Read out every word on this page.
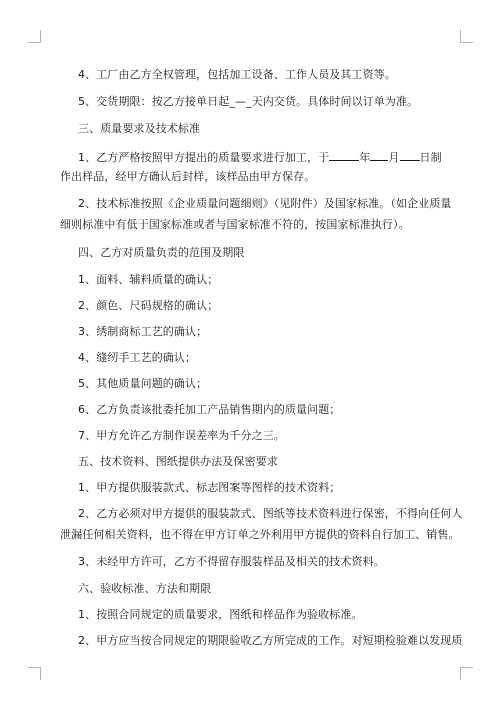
4、工厂由乙方全权管理，包括加工设备、工作人员及其工资等。
5、交货期限：按乙方接单日起_—_天内交货。具体时间以订单为准。
三、质量要求及技术标准
1、乙方严格按照甲方提出的质量要求进行加工，于	年 月 日制
作出样品，经甲方确认后封样，该样品由甲方保存。
2、技术标准按照《企业质量问题细则》（见附件）及国家标准。（如企业质量
细则标准中有低于国家标准或者与国家标准不符的，按国家标准执行）。
四、乙方对质量负责的范围及期限
1、面料、辅料质量的确认；
2、颜色、尺码规格的确认；
3、绣制商标工艺的确认；
4、缝纫手工艺的确认；
5、其他质量问题的确认；
6、乙方负责该批委托加工产品销售期内的质量问题；
7、甲方允许乙方制作误差率为千分之三。
五、技术资料、图纸提供办法及保密要求
1、甲方提供服装款式、标志图案等图样的技术资料；
2、乙方必须对甲方提供的服装款式、图纸等技术资料进行保密，不得向任何人
泄漏任何相关资料，也不得在甲方订单之外利用甲方提供的资料自行加工、销售。
3、未经甲方许可，乙方不得留存服装样品及相关的技术资料。
六、验收标准、方法和期限
1、按照合同规定的质量要求，图纸和样品作为验收标准。
2、甲方应当按合同规定的期限验收乙方所完成的工作。对短期检验难以发现质
